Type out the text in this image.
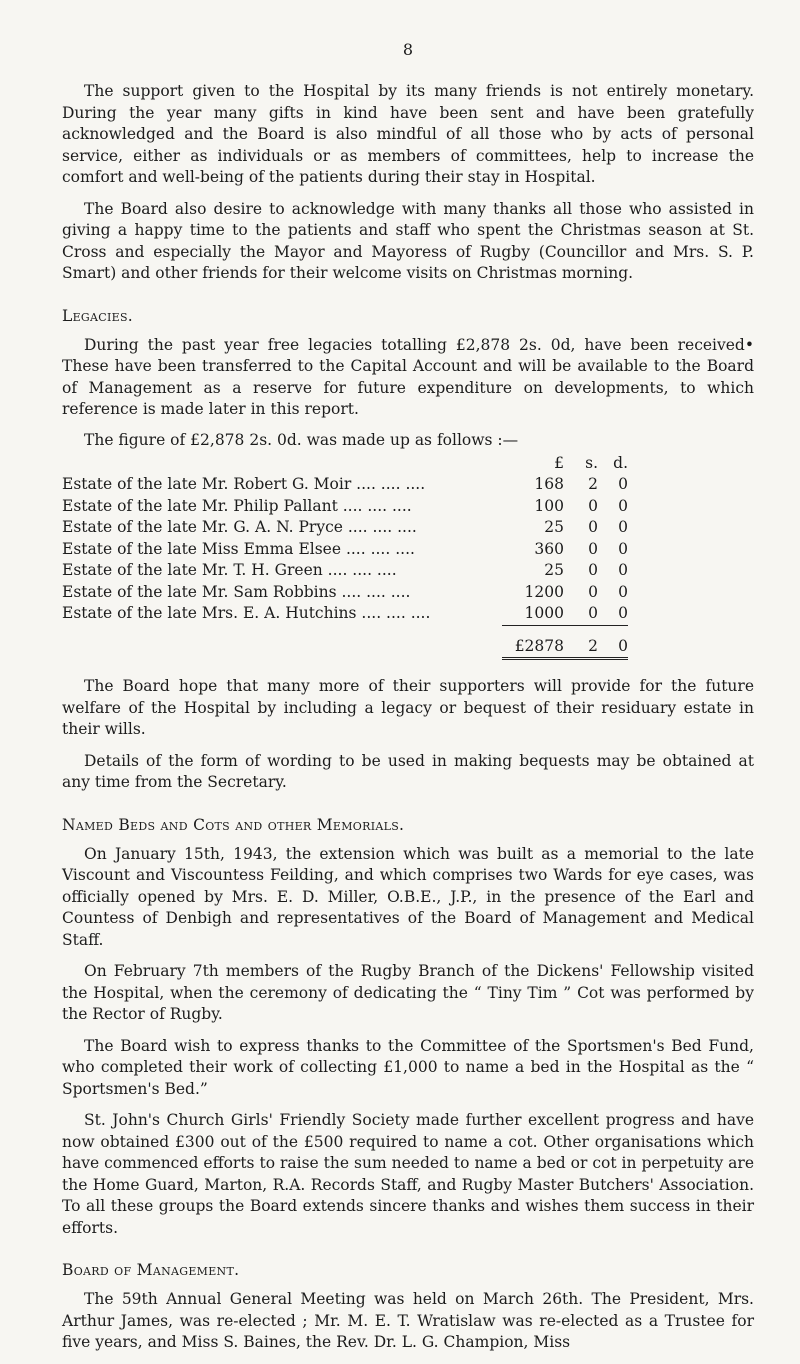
8

The support given to the Hospital by its many friends is not entirely monetary. During the year many gifts in kind have been sent and have been gratefully acknowledged and the Board is also mindful of all those who by acts of personal service, either as individuals or as members of committees, help to increase the comfort and well-being of the patients during their stay in Hospital.

The Board also desire to acknowledge with many thanks all those who assisted in giving a happy time to the patients and staff who spent the Christmas season at St. Cross and especially the Mayor and Mayoress of Rugby (Councillor and Mrs. S. P. Smart) and other friends for their welcome visits on Christmas morning.

Legacies.

During the past year free legacies totalling £2,878 2s. 0d, have been received• These have been transferred to the Capital Account and will be available to the Board of Management as a reserve for future expenditure on developments, to which reference is made later in this report.

The figure of £2,878 2s. 0d. was made up as follows :—
	£	s.	d.
Estate of the late Mr. Robert G. Moir .... .... ....	168	2	0
Estate of the late Mr. Philip Pallant .... .... ....	100	0	0
Estate of the late Mr. G. A. N. Pryce .... .... ....	25	0	0
Estate of the late Miss Emma Elsee .... .... ....	360	0	0
Estate of the late Mr. T. H. Green .... .... ....	25	0	0
Estate of the late Mr. Sam Robbins .... .... ....	1200	0	0
Estate of the late Mrs. E. A. Hutchins .... .... ....	1000	0	0
	£2878	2	0

The Board hope that many more of their supporters will provide for the future welfare of the Hospital by including a legacy or bequest of their residuary estate in their wills.

Details of the form of wording to be used in making bequests may be obtained at any time from the Secretary.

Named Beds and Cots and other Memorials.

On January 15th, 1943, the extension which was built as a memorial to the late Viscount and Viscountess Feilding, and which comprises two Wards for eye cases, was officially opened by Mrs. E. D. Miller, O.B.E., J.P., in the presence of the Earl and Countess of Denbigh and representatives of the Board of Management and Medical Staff.

On February 7th members of the Rugby Branch of the Dickens' Fellowship visited the Hospital, when the ceremony of dedicating the “ Tiny Tim ” Cot was performed by the Rector of Rugby.

The Board wish to express thanks to the Committee of the Sportsmen's Bed Fund, who completed their work of collecting £1,000 to name a bed in the Hospital as the “ Sportsmen's Bed.”

St. John's Church Girls' Friendly Society made further excellent progress and have now obtained £300 out of the £500 required to name a cot. Other organisations which have commenced efforts to raise the sum needed to name a bed or cot in perpetuity are the Home Guard, Marton, R.A. Records Staff, and Rugby Master Butchers' Association. To all these groups the Board extends sincere thanks and wishes them success in their efforts.

Board of Management.

The 59th Annual General Meeting was held on March 26th. The President, Mrs. Arthur James, was re-elected ; Mr. M. E. T. Wratislaw was re-elected as a Trustee for five years, and Miss S. Baines, the Rev. Dr. L. G. Champion, Miss
